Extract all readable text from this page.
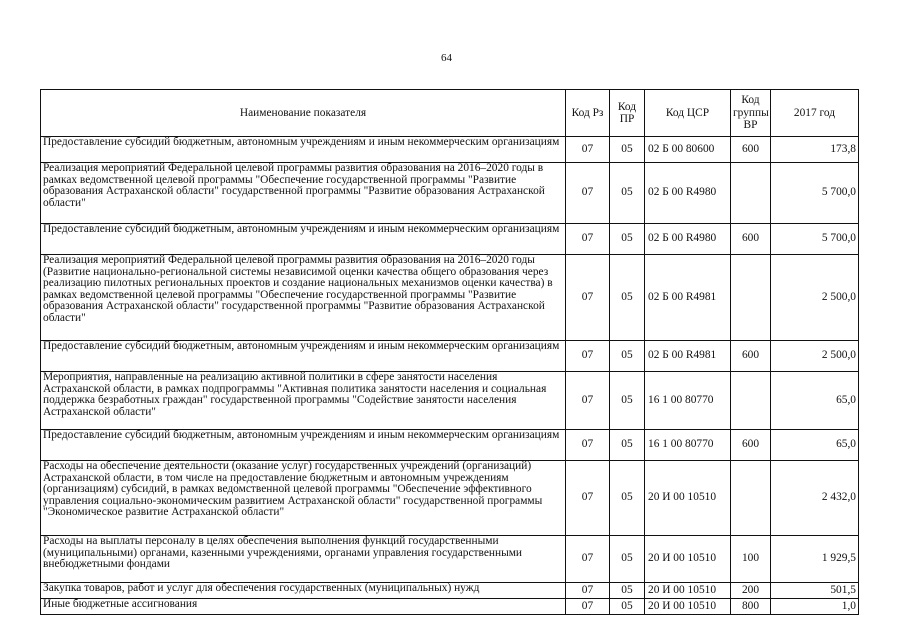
64
Наименование показателя	Код Рз	Код ПР	Код ЦСР	Код группы ВР	2017 год
Предоставление субсидий бюджетным, автономным учреждениям и иным некоммерческим организациям	07	05	02 Б 00 80600	600	173,8
Реализация мероприятий Федеральной целевой программы развития образования на 2016–2020 годы в рамках ведомственной целевой программы "Обеспечение государственной программы "Развитие образования Астраханской области" государственной программы "Развитие образования Астраханской области"	07	05	02 Б 00 R4980		5 700,0
Предоставление субсидий бюджетным, автономным учреждениям и иным некоммерческим организациям	07	05	02 Б 00 R4980	600	5 700,0
Реализация мероприятий Федеральной целевой программы развития образования на 2016–2020 годы (Развитие национально-региональной системы независимой оценки качества общего образования через реализацию пилотных региональных проектов и создание национальных механизмов оценки качества) в рамках ведомственной целевой программы "Обеспечение государственной программы "Развитие образования Астраханской области" государственной программы "Развитие образования Астраханской области"	07	05	02 Б 00 R4981		2 500,0
Предоставление субсидий бюджетным, автономным учреждениям и иным некоммерческим организациям	07	05	02 Б 00 R4981	600	2 500,0
Мероприятия, направленные на реализацию активной политики в сфере занятости населения Астраханской области, в рамках подпрограммы "Активная политика занятости населения и социальная поддержка безработных граждан" государственной программы "Содействие занятости населения Астраханской области"	07	05	16 1 00 80770		65,0
Предоставление субсидий бюджетным, автономным учреждениям и иным некоммерческим организациям	07	05	16 1 00 80770	600	65,0
Расходы на обеспечение деятельности (оказание услуг) государственных учреждений (организаций) Астраханской области, в том числе на предоставление бюджетным и автономным учреждениям (организациям) субсидий, в рамках ведомственной целевой программы "Обеспечение эффективного управления социально-экономическим развитием Астраханской области" государственной программы "Экономическое развитие Астраханской области"	07	05	20 И 00 10510		2 432,0
Расходы на выплаты персоналу в целях обеспечения выполнения функций государственными (муниципальными) органами, казенными учреждениями, органами управления государственными внебюджетными фондами	07	05	20 И 00 10510	100	1 929,5
Закупка товаров, работ и услуг для обеспечения государственных (муниципальных) нужд	07	05	20 И 00 10510	200	501,5
Иные бюджетные ассигнования	07	05	20 И 00 10510	800	1,0
